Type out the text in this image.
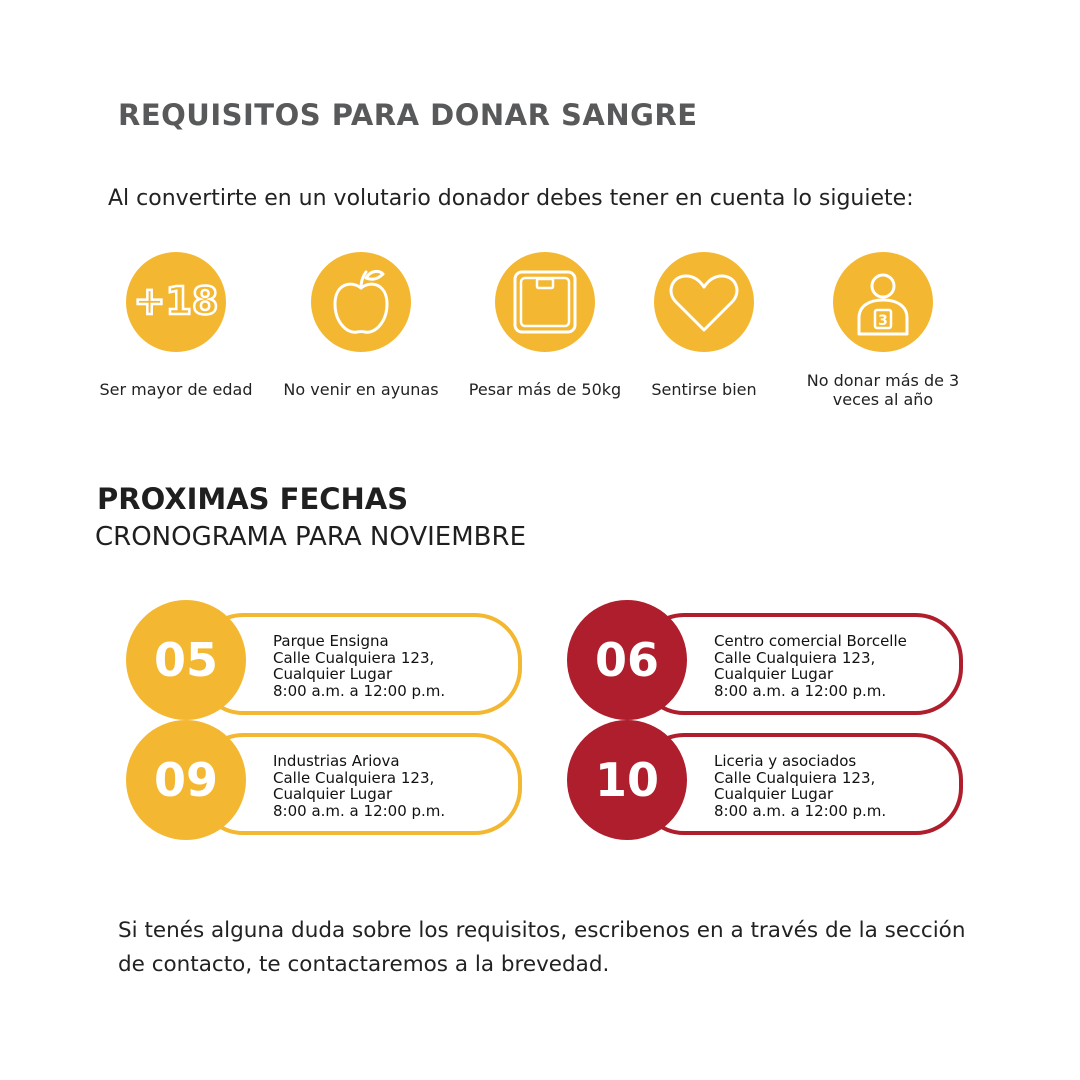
REQUISITOS PARA DONAR SANGRE
Al convertirte en un volutario donador debes tener en cuenta lo siguiete:
+18
Ser mayor de edad	No venir en ayunas	Pesar más de 50kg	Sentirse bien
3
No donar más de 3 veces al año
PROXIMAS FECHAS
CRONOGRAMA PARA NOVIEMBRE
05	Parque Ensigna
Calle Cualquiera 123,
Cualquier Lugar
8:00 a.m. a 12:00 p.m.
06	Centro comercial Borcelle
Calle Cualquiera 123,
Cualquier Lugar
8:00 a.m. a 12:00 p.m.
09	Industrias Ariova
Calle Cualquiera 123,
Cualquier Lugar
8:00 a.m. a 12:00 p.m.
10	Liceria y asociados
Calle Cualquiera 123,
Cualquier Lugar
8:00 a.m. a 12:00 p.m.
Si tenés alguna duda sobre los requisitos, escribenos en a través de la sección de contacto, te contactaremos a la brevedad.
